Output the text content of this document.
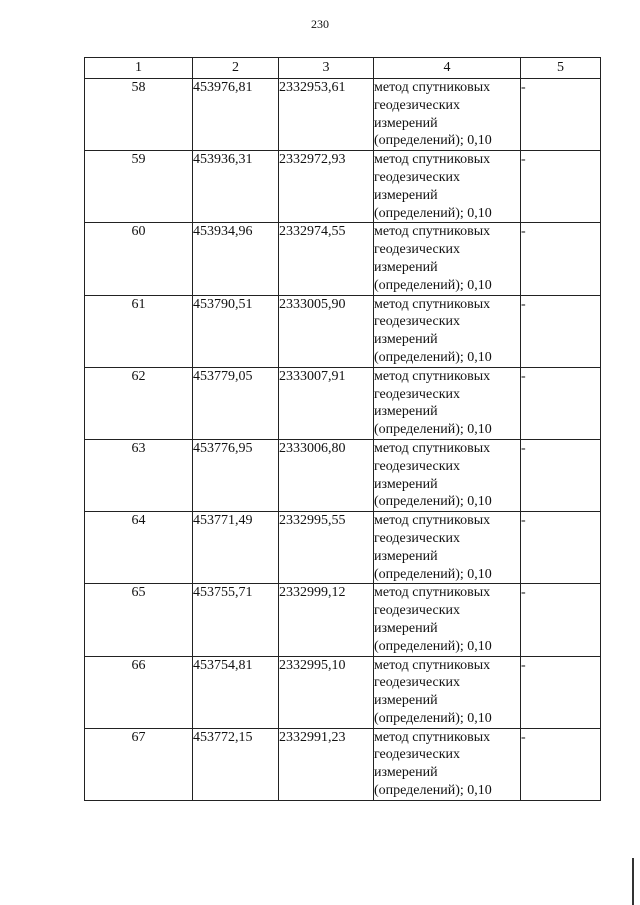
230
1	2	3	4	5
58	453976,81	2332953,61	метод спутниковых геодезических измерений (определений); 0,10	-
59	453936,31	2332972,93	метод спутниковых геодезических измерений (определений); 0,10	-
60	453934,96	2332974,55	метод спутниковых геодезических измерений (определений); 0,10	-
61	453790,51	2333005,90	метод спутниковых геодезических измерений (определений); 0,10	-
62	453779,05	2333007,91	метод спутниковых геодезических измерений (определений); 0,10	-
63	453776,95	2333006,80	метод спутниковых геодезических измерений (определений); 0,10	-
64	453771,49	2332995,55	метод спутниковых геодезических измерений (определений); 0,10	-
65	453755,71	2332999,12	метод спутниковых геодезических измерений (определений); 0,10	-
66	453754,81	2332995,10	метод спутниковых геодезических измерений (определений); 0,10	-
67	453772,15	2332991,23	метод спутниковых геодезических измерений (определений); 0,10	-
